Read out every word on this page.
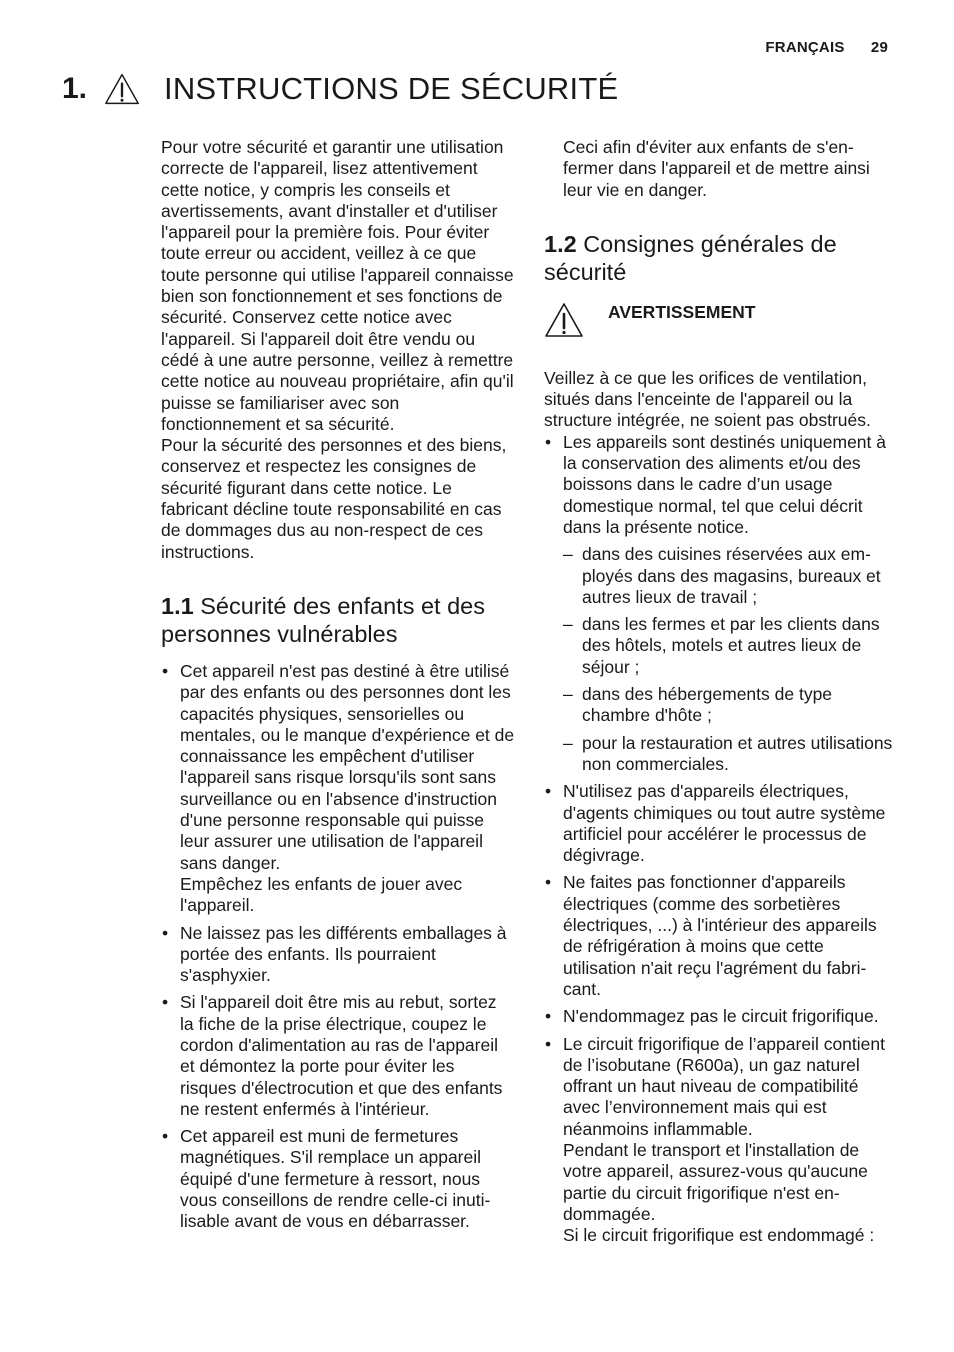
FRANÇAIS 29
1.	INSTRUCTIONS DE SÉCURITÉ

Pour votre sécurité et garantir une utilisation correcte de l'appareil, lisez attentivement cette notice, y compris les conseils et avertissements, avant d'installer et d'utiliser l'appareil pour la première fois. Pour éviter toute erreur ou accident, veillez à ce que toute personne qui utilise l'appareil connaisse bien son fonctionnement et ses fonctions de sécurité. Conservez cette notice avec l'appareil. Si l'appareil doit être vendu ou cédé à une autre personne, veillez à remettre cette notice au nouveau propriétaire, afin qu'il puisse se familiariser avec son fonctionnement et sa sécurité.

Pour la sécurité des personnes et des biens, conservez et respectez les consignes de sécurité figurant dans cette notice. Le fabricant décline toute responsabilité en cas de dommages dus au non-respect de ces instructions.

1.1 Sécurité des enfants et des personnes vulnérables
• Cet appareil n'est pas destiné à être utilisé par des enfants ou des personnes dont les capacités physiques, sensorielles ou mentales, ou le manque d'expérience et de connaissance les empêchent d'utiliser l'appareil sans risque lorsqu'ils sont sans surveillance ou en l'absence d'instruction d'une personne responsable qui puisse leur assurer une utilisation de l'appareil sans danger.

Empêchez les enfants de jouer avec l'appareil.

• Ne laissez pas les différents emballages à portée des enfants. Ils pourraient s'asphyxier.
• Si l'appareil doit être mis au rebut, sortez la fiche de la prise électrique, coupez le cordon d'alimentation au ras de l'appareil et démontez la porte pour éviter les risques d'électrocution et que des enfants ne restent enfermés à l'intérieur.
• Cet appareil est muni de fermetures magnétiques. S'il remplace un appareil équipé d'une fermeture à ressort, nous vous conseillons de rendre celle-ci inutilisable avant de vous en débarrasser.

Ceci afin d'éviter aux enfants de s'enfermer dans l'appareil et de mettre ainsi leur vie en danger.

1.2 Consignes générales de sécurité
AVERTISSEMENT

Veillez à ce que les orifices de ventilation, situés dans l'enceinte de l'appareil ou la structure intégrée, ne soient pas obstrués.

• Les appareils sont destinés uniquement à la conservation des aliments et/ou des boissons dans le cadre d’un usage domestique normal, tel que celui décrit dans la présente notice.
– dans des cuisines réservées aux employés dans des magasins, bureaux et autres lieux de travail ;
– dans les fermes et par les clients dans des hôtels, motels et autres lieux de séjour ;
– dans des hébergements de type chambre d'hôte ;
– pour la restauration et autres utilisations non commerciales.
• N'utilisez pas d'appareils électriques, d'agents chimiques ou tout autre système artificiel pour accélérer le processus de dégivrage.
• Ne faites pas fonctionner d'appareils électriques (comme des sorbetières électriques, ...) à l'intérieur des appareils de réfrigération à moins que cette utilisation n'ait reçu l'agrément du fabricant.
• N'endommagez pas le circuit frigorifique.
• Le circuit frigorifique de l’appareil contient de l’isobutane (R600a), un gaz naturel offrant un haut niveau de compatibilité avec l’environnement mais qui est néanmoins inflammable.

Pendant le transport et l'installation de votre appareil, assurez-vous qu'aucune partie du circuit frigorifique n'est endommagée.

Si le circuit frigorifique est endommagé :
